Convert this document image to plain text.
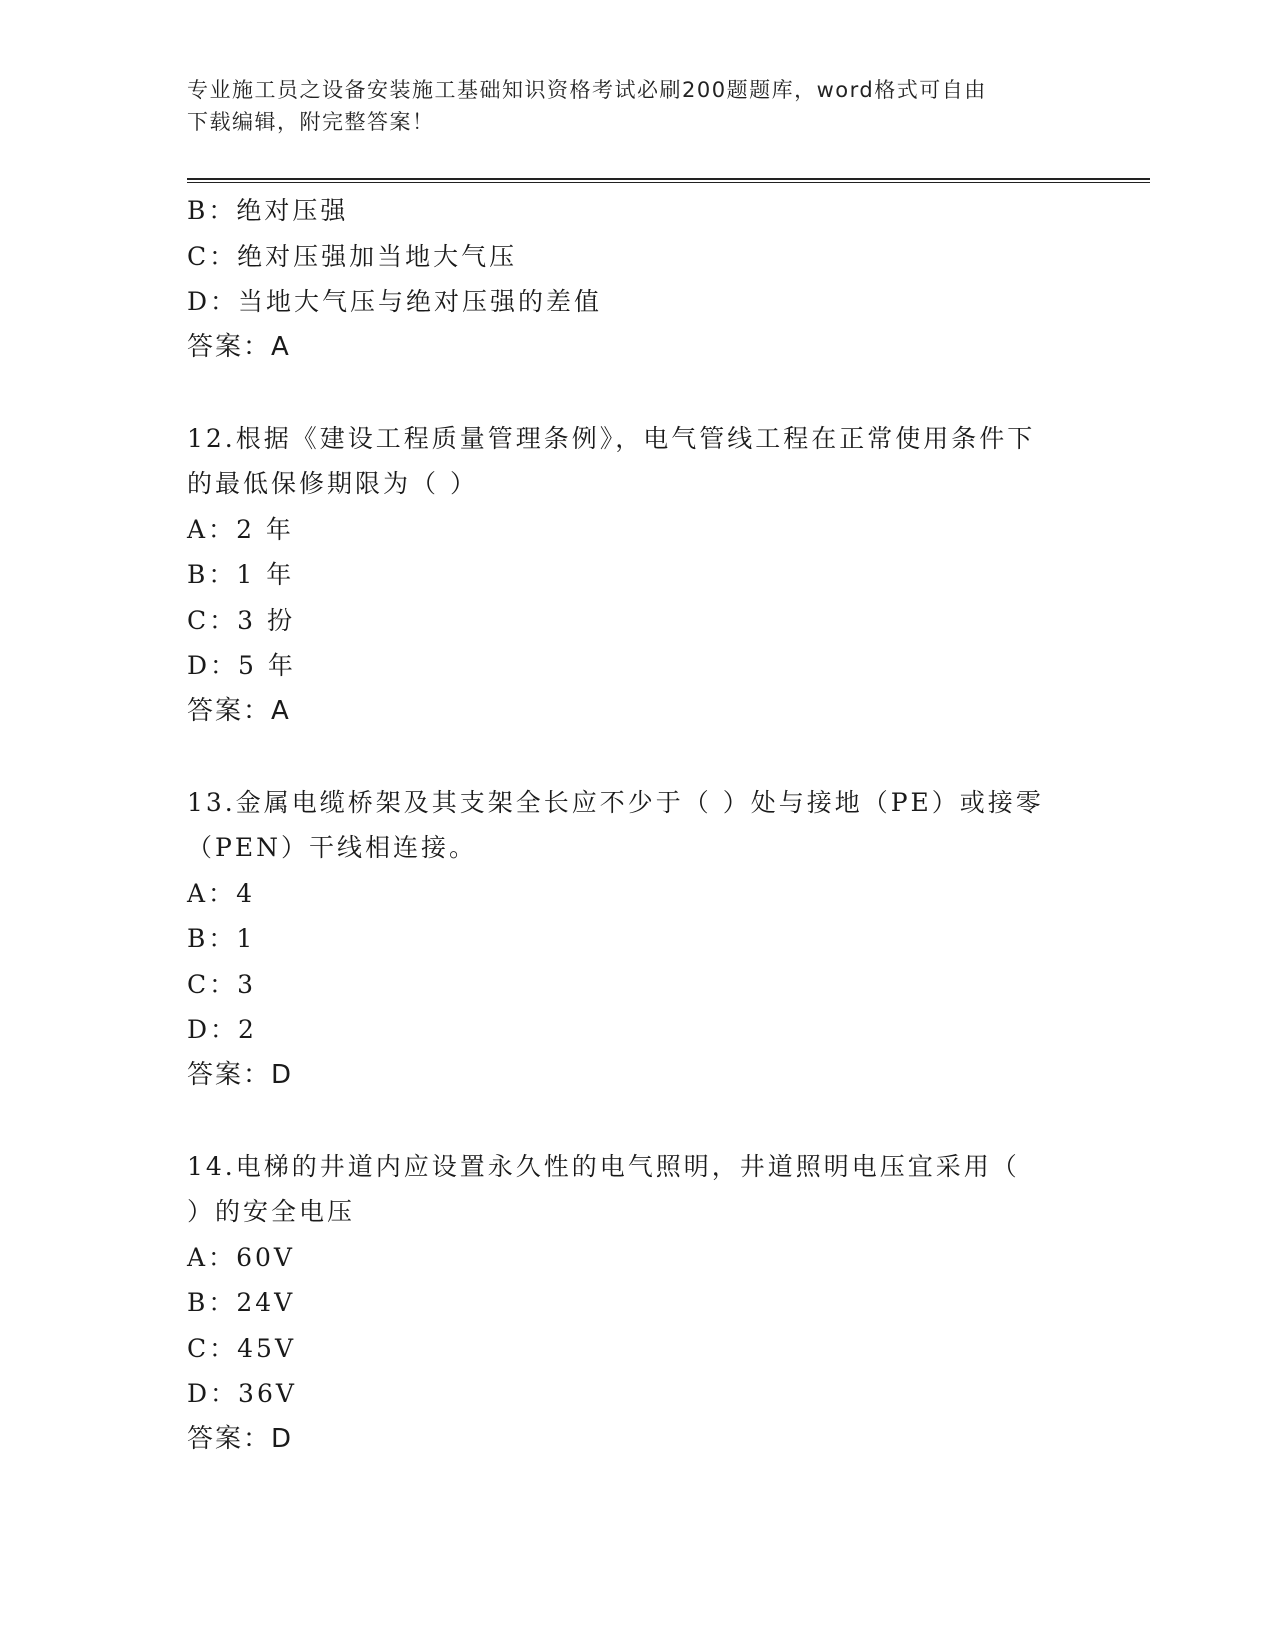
专业施工员之设备安装施工基础知识资格考试必刷200题题库，word格式可自由
下载编辑，附完整答案！
B：绝对压强
C：绝对压强加当地大气压
D：当地大气压与绝对压强的差值
答案：A
12.根据《建设工程质量管理条例》，电气管线工程在正常使用条件下
的最低保修期限为（ ）
A：2 年
B：1 年
C：3 扮
D：5 年
答案：A
13.金属电缆桥架及其支架全长应不少于（ ）处与接地（PE）或接零
（PEN）干线相连接。
A：4
B：1
C：3
D：2
答案：D
14.电梯的井道内应设置永久性的电气照明，井道照明电压宜采用（
）的安全电压
A：60V
B：24V
C：45V
D：36V
答案：D
